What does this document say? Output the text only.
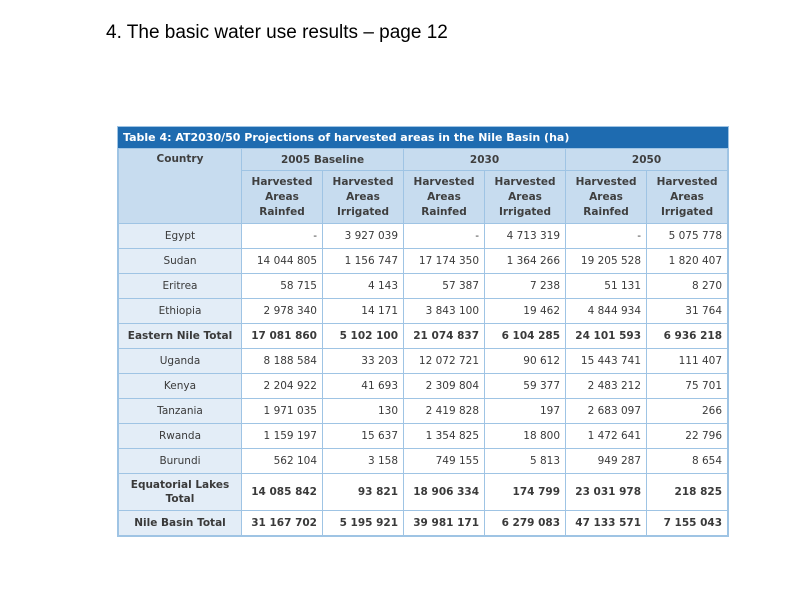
4. The basic water use results – page 12
Table 4: AT2030/50 Projections of harvested areas in the Nile Basin (ha)
Country	2005 Baseline		2030		2050	
	Harvested Areas Rainfed	Harvested Areas Irrigated	Harvested Areas Rainfed	Harvested Areas Irrigated	Harvested Areas Rainfed	Harvested Areas Irrigated
Egypt	-	3 927 039	-	4 713 319	-	5 075 778
Sudan	14 044 805	1 156 747	17 174 350	1 364 266	19 205 528	1 820 407
Eritrea	58 715	4 143	57 387	7 238	51 131	8 270
Ethiopia	2 978 340	14 171	3 843 100	19 462	4 844 934	31 764
Eastern Nile Total	17 081 860	5 102 100	21 074 837	6 104 285	24 101 593	6 936 218
Uganda	8 188 584	33 203	12 072 721	90 612	15 443 741	111 407
Kenya	2 204 922	41 693	2 309 804	59 377	2 483 212	75 701
Tanzania	1 971 035	130	2 419 828	197	2 683 097	266
Rwanda	1 159 197	15 637	1 354 825	18 800	1 472 641	22 796
Burundi	562 104	3 158	749 155	5 813	949 287	8 654
Equatorial Lakes Total	14 085 842	93 821	18 906 334	174 799	23 031 978	218 825
Nile Basin Total	31 167 702	5 195 921	39 981 171	6 279 083	47 133 571	7 155 043
